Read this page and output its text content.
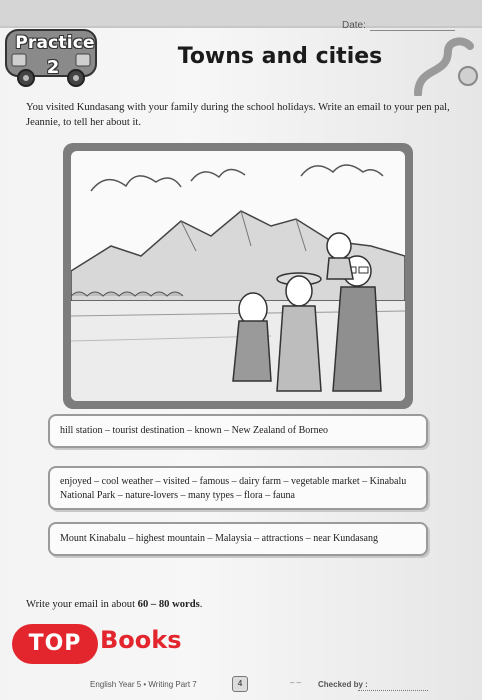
Date:
Practice
2	Towns and cities
You visited Kundasang with your family during the school holidays. Write an email to your pen pal, Jeannie, to tell her about it.
hill station – tourist destination – known – New Zealand of Borneo
enjoyed – cool weather – visited – famous – dairy farm – vegetable market – Kinabalu National Park – nature-lovers – many types – flora – fauna
Mount Kinabalu – highest mountain – Malaysia – attractions – near Kundasang
Write your email in about 60 – 80 words.
TOP Books
English Year 5 • Writing Part 7	4	– – Checked by :
